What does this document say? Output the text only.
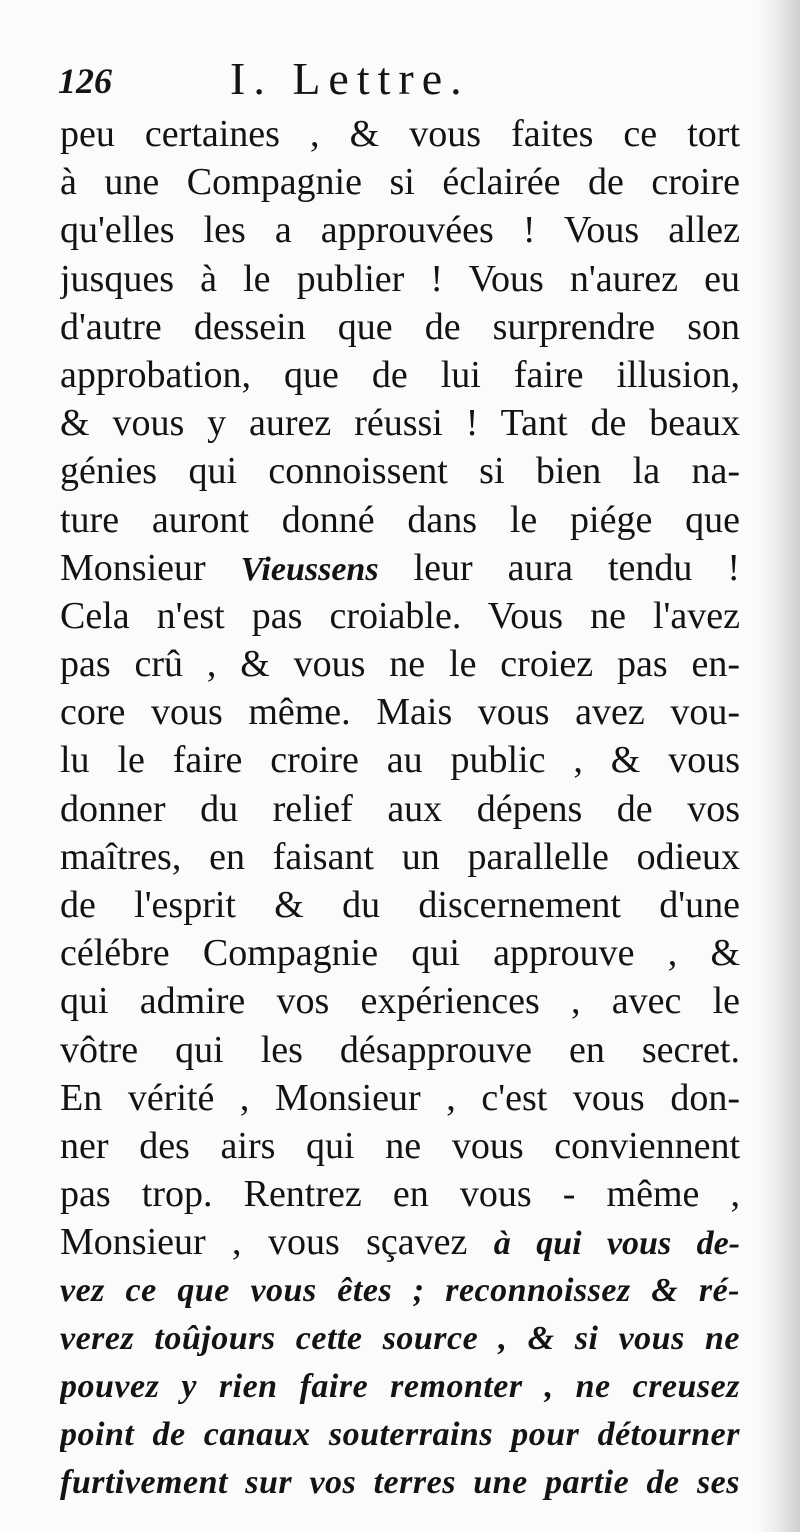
126	I. Lettre.
peu certaines , & vous faites ce tort
à une Compagnie si éclairée de croire
qu'elles les a approuvées ! Vous allez
jusques à le publier ! Vous n'aurez eu
d'autre dessein que de surprendre son
approbation, que de lui faire illusion,
& vous y aurez réussi ! Tant de beaux
génies qui connoissent si bien la na-
ture auront donné dans le piége que
Monsieur Vieussens leur aura tendu !
Cela n'est pas croiable. Vous ne l'avez
pas crû , & vous ne le croiez pas en-
core vous même. Mais vous avez vou-
lu le faire croire au public , & vous
donner du relief aux dépens de vos
maîtres, en faisant un parallelle odieux
de l'esprit & du discernement d'une
célébre Compagnie qui approuve , &
qui admire vos expériences , avec le
vôtre qui les désapprouve en secret.
En vérité , Monsieur , c'est vous don-
ner des airs qui ne vous conviennent
pas trop. Rentrez en vous - même ,
Monsieur , vous sçavez à qui vous de-
vez ce que vous êtes ; reconnoissez & ré-
verez toûjours cette source , & si vous ne
pouvez y rien faire remonter , ne creusez
point de canaux souterrains pour détourner
furtivement sur vos terres une partie de ses
